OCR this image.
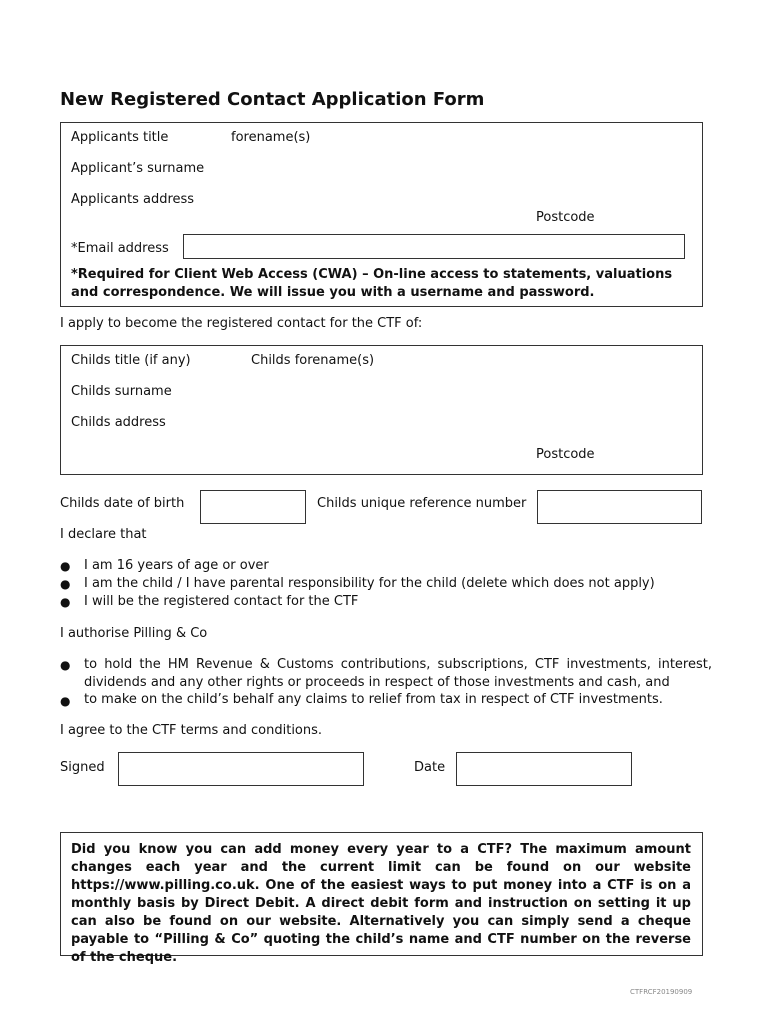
New Registered Contact Application Form
Applicants title	forename(s)
Applicant’s surname
Applicants address
Postcode
*Email address
*Required for Client Web Access (CWA) – On-line access to statements, valuations and correspondence. We will issue you with a username and password.
I apply to become the registered contact for the CTF of:
Childs title (if any)	Childs forename(s)
Childs surname
Childs address
Postcode
Childs date of birth	Childs unique reference number
I declare that
● I am 16 years of age or over
● I am the child / I have parental responsibility for the child (delete which does not apply)
● I will be the registered contact for the CTF
I authorise Pilling & Co
● to hold the HM Revenue & Customs contributions, subscriptions, CTF investments, interest, dividends and any other rights or proceeds in respect of those investments and cash, and
● to make on the child’s behalf any claims to relief from tax in respect of CTF investments.
I agree to the CTF terms and conditions.
Signed	Date
Did you know you can add money every year to a CTF? The maximum amount changes each year and the current limit can be found on our website https://www.pilling.co.uk. One of the easiest ways to put money into a CTF is on a monthly basis by Direct Debit. A direct debit form and instruction on setting it up can also be found on our website. Alternatively you can simply send a cheque payable to “Pilling & Co” quoting the child’s name and CTF number on the reverse of the cheque.
CTFRCF20190909
